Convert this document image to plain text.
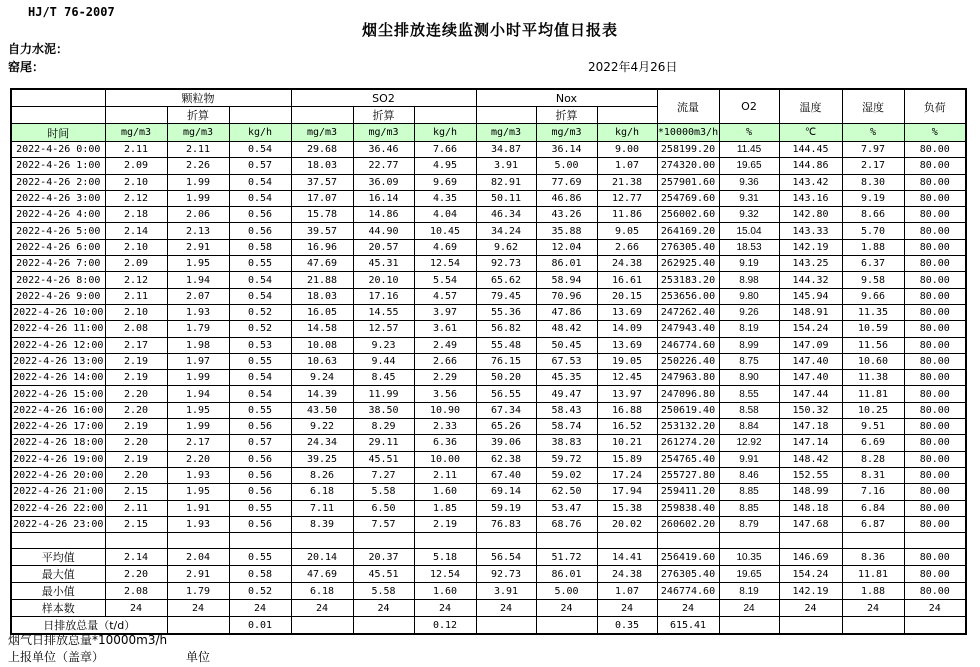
HJ/T 76-2007
烟尘排放连续监测小时平均值日报表
自力水泥：
窑尾：	2022年4月26日
	颗粒物			SO2			Nox			流量	O2	温度	湿度	负荷
		折算			折算			折算						
时间	mg/m3	mg/m3	kg/h	mg/m3	mg/m3	kg/h	mg/m3	mg/m3	kg/h	*10000m3/h	%	℃	%	%
2022-4-26 0:00	2.11	2.11	0.54	29.68	36.46	7.66	34.87	36.14	9.00	258199.20	11.45	144.45	7.97	80.00
2022-4-26 1:00	2.09	2.26	0.57	18.03	22.77	4.95	3.91	5.00	1.07	274320.00	19.65	144.86	2.17	80.00
2022-4-26 2:00	2.10	1.99	0.54	37.57	36.09	9.69	82.91	77.69	21.38	257901.60	9.36	143.42	8.30	80.00
2022-4-26 3:00	2.12	1.99	0.54	17.07	16.14	4.35	50.11	46.86	12.77	254769.60	9.31	143.16	9.19	80.00
2022-4-26 4:00	2.18	2.06	0.56	15.78	14.86	4.04	46.34	43.26	11.86	256002.60	9.32	142.80	8.66	80.00
2022-4-26 5:00	2.14	2.13	0.56	39.57	44.90	10.45	34.24	35.88	9.05	264169.20	15.04	143.33	5.70	80.00
2022-4-26 6:00	2.10	2.91	0.58	16.96	20.57	4.69	9.62	12.04	2.66	276305.40	18.53	142.19	1.88	80.00
2022-4-26 7:00	2.09	1.95	0.55	47.69	45.31	12.54	92.73	86.01	24.38	262925.40	9.19	143.25	6.37	80.00
2022-4-26 8:00	2.12	1.94	0.54	21.88	20.10	5.54	65.62	58.94	16.61	253183.20	8.98	144.32	9.58	80.00
2022-4-26 9:00	2.11	2.07	0.54	18.03	17.16	4.57	79.45	70.96	20.15	253656.00	9.80	145.94	9.66	80.00
2022-4-26 10:00	2.10	1.93	0.52	16.05	14.55	3.97	55.36	47.86	13.69	247262.40	9.26	148.91	11.35	80.00
2022-4-26 11:00	2.08	1.79	0.52	14.58	12.57	3.61	56.82	48.42	14.09	247943.40	8.19	154.24	10.59	80.00
2022-4-26 12:00	2.17	1.98	0.53	10.08	9.23	2.49	55.48	50.45	13.69	246774.60	8.99	147.09	11.56	80.00
2022-4-26 13:00	2.19	1.97	0.55	10.63	9.44	2.66	76.15	67.53	19.05	250226.40	8.75	147.40	10.60	80.00
2022-4-26 14:00	2.19	1.99	0.54	9.24	8.45	2.29	50.20	45.35	12.45	247963.80	8.90	147.40	11.38	80.00
2022-4-26 15:00	2.20	1.94	0.54	14.39	11.99	3.56	56.55	49.47	13.97	247096.80	8.55	147.44	11.81	80.00
2022-4-26 16:00	2.20	1.95	0.55	43.50	38.50	10.90	67.34	58.43	16.88	250619.40	8.58	150.32	10.25	80.00
2022-4-26 17:00	2.19	1.99	0.56	9.22	8.29	2.33	65.26	58.74	16.52	253132.20	8.84	147.18	9.51	80.00
2022-4-26 18:00	2.20	2.17	0.57	24.34	29.11	6.36	39.06	38.83	10.21	261274.20	12.92	147.14	6.69	80.00
2022-4-26 19:00	2.19	2.20	0.56	39.25	45.51	10.00	62.38	59.72	15.89	254765.40	9.91	148.42	8.28	80.00
2022-4-26 20:00	2.20	1.93	0.56	8.26	7.27	2.11	67.40	59.02	17.24	255727.80	8.46	152.55	8.31	80.00
2022-4-26 21:00	2.15	1.95	0.56	6.18	5.58	1.60	69.14	62.50	17.94	259411.20	8.85	148.99	7.16	80.00
2022-4-26 22:00	2.11	1.91	0.55	7.11	6.50	1.85	59.19	53.47	15.38	259838.40	8.85	148.18	6.84	80.00
2022-4-26 23:00	2.15	1.93	0.56	8.39	7.57	2.19	76.83	68.76	20.02	260602.20	8.79	147.68	6.87	80.00

平均值	2.14	2.04	0.55	20.14	20.37	5.18	56.54	51.72	14.41	256419.60	10.35	146.69	8.36	80.00
最大值	2.20	2.91	0.58	47.69	45.51	12.54	92.73	86.01	24.38	276305.40	19.65	154.24	11.81	80.00
最小值	2.08	1.79	0.52	6.18	5.58	1.60	3.91	5.00	1.07	246774.60	8.19	142.19	1.88	80.00
样本数	24	24	24	24	24	24	24	24	24	24	24	24	24	24
日排放总量（t/d）			0.01			0.12			0.35	615.41				
烟气日排放总量*10000m3/h
上报单位（盖章）	单位
